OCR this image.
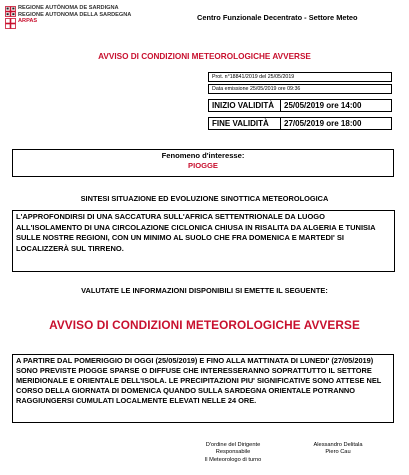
REGIONE AUTÒNOMA DE SARDIGNA
REGIONE AUTONOMA DELLA SARDEGNA
ARPAS	Centro Funzionale Decentrato - Settore Meteo
AVVISO DI CONDIZIONI METEOROLOGICHE AVVERSE
Prot. n°18841/2019 del 25/05/2019
Data emissione 25/05/2019 ore 09:36
INIZIO VALIDITÀ	25/05/2019 ore 14:00
FINE VALIDITÀ	27/05/2019 ore 18:00
Fenomeno d'interesse:
PIOGGE
SINTESI SITUAZIONE ED EVOLUZIONE SINOTTICA METEOROLOGICA
L'APPROFONDIRSI DI UNA SACCATURA SULL'AFRICA SETTENTRIONALE DA LUOGO ALL'ISOLAMENTO DI UNA CIRCOLAZIONE CICLONICA CHIUSA IN RISALITA DA ALGERIA E TUNISIA SULLE NOSTRE REGIONI, CON UN MINIMO AL SUOLO CHE FRA DOMENICA E MARTEDI' SI LOCALIZZERÀ SUL TIRRENO.
VALUTATE LE INFORMAZIONI DISPONIBILI SI EMETTE IL SEGUENTE:
AVVISO DI CONDIZIONI METEOROLOGICHE AVVERSE
A PARTIRE DAL POMERIGGIO DI OGGI (25/05/2019) E FINO ALLA MATTINATA DI LUNEDI' (27/05/2019) SONO PREVISTE PIOGGE SPARSE O DIFFUSE CHE INTERESSERANNO SOPRATTUTTO IL SETTORE MERIDIONALE E ORIENTALE DELL'ISOLA. LE PRECIPITAZIONI PIU' SIGNIFICATIVE SONO ATTESE NEL CORSO DELLA GIORNATA DI DOMENICA QUANDO SULLA SARDEGNA ORIENTALE POTRANNO RAGGIUNGERSI CUMULATI LOCALMENTE ELEVATI NELLE 24 ORE.
D'ordine del Dirigente Responsabile
Il Meteorologo di turno
Alessandro Delitala
Piero Cau
